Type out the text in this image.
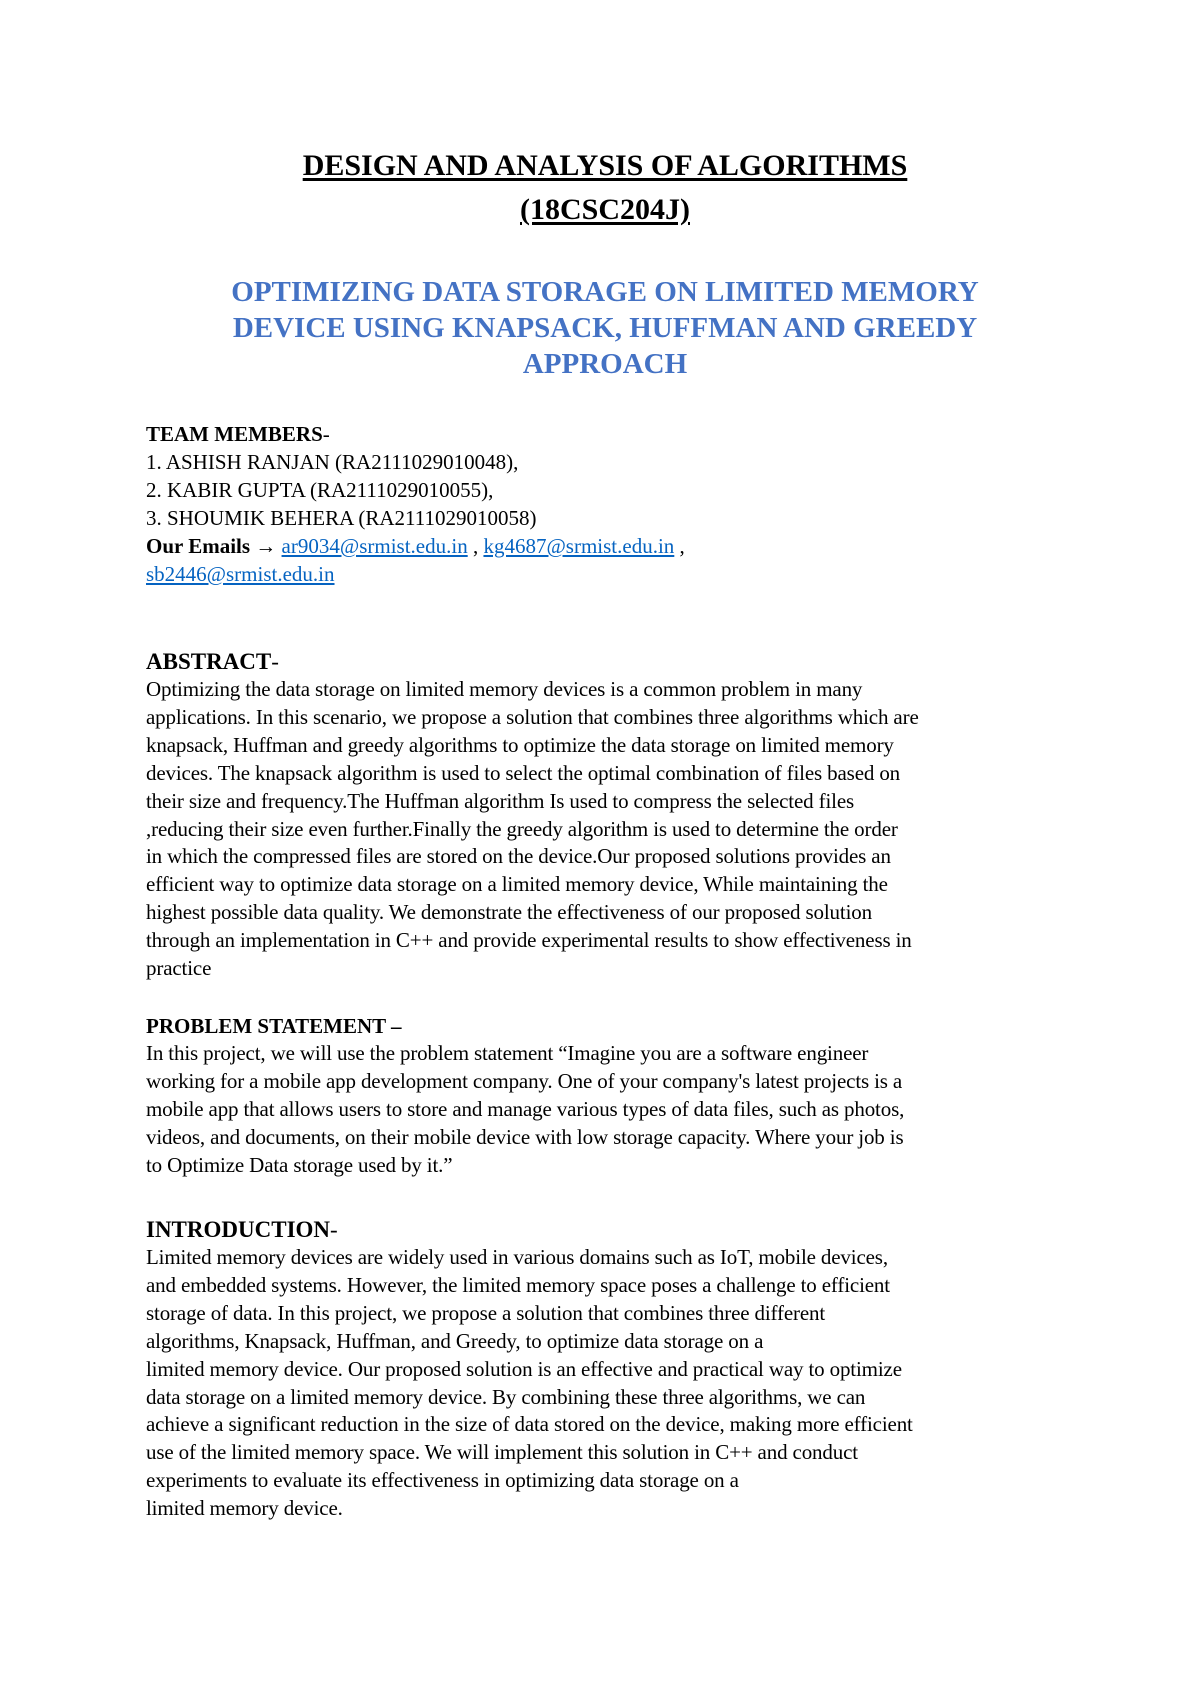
DESIGN AND ANALYSIS OF ALGORITHMS
(18CSC204J)
OPTIMIZING DATA STORAGE ON LIMITED MEMORY
DEVICE USING KNAPSACK, HUFFMAN AND GREEDY
APPROACH
TEAM MEMBERS-
1. ASHISH RANJAN (RA2111029010048),
2. KABIR GUPTA (RA2111029010055),
3. SHOUMIK BEHERA (RA2111029010058)
Our Emails → ar9034@srmist.edu.in , kg4687@srmist.edu.in ,
sb2446@srmist.edu.in
ABSTRACT-
Optimizing the data storage on limited memory devices is a common problem in many
applications. In this scenario, we propose a solution that combines three algorithms which are
knapsack, Huffman and greedy algorithms to optimize the data storage on limited memory
devices. The knapsack algorithm is used to select the optimal combination of files based on
their size and frequency.The Huffman algorithm Is used to compress the selected files
,reducing their size even further.Finally the greedy algorithm is used to determine the order
in which the compressed files are stored on the device.Our proposed solutions provides an
efficient way to optimize data storage on a limited memory device, While maintaining the
highest possible data quality. We demonstrate the effectiveness of our proposed solution
through an implementation in C++ and provide experimental results to show effectiveness in
practice
PROBLEM STATEMENT –
In this project, we will use the problem statement “Imagine you are a software engineer
working for a mobile app development company. One of your company's latest projects is a
mobile app that allows users to store and manage various types of data files, such as photos,
videos, and documents, on their mobile device with low storage capacity. Where your job is
to Optimize Data storage used by it.”
INTRODUCTION-
Limited memory devices are widely used in various domains such as IoT, mobile devices,
and embedded systems. However, the limited memory space poses a challenge to efficient
storage of data. In this project, we propose a solution that combines three different
algorithms, Knapsack, Huffman, and Greedy, to optimize data storage on a
limited memory device. Our proposed solution is an effective and practical way to optimize
data storage on a limited memory device. By combining these three algorithms, we can
achieve a significant reduction in the size of data stored on the device, making more efficient
use of the limited memory space. We will implement this solution in C++ and conduct
experiments to evaluate its effectiveness in optimizing data storage on a
limited memory device.
